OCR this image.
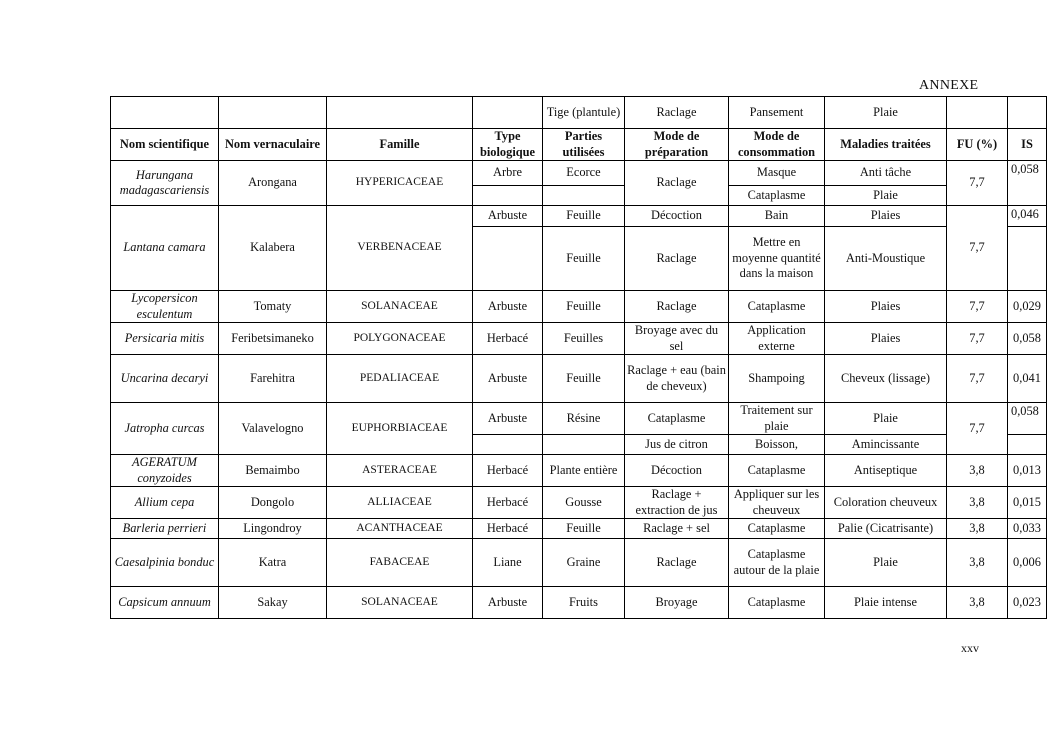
ANNEXE
				Tige (plantule)	Raclage	Pansement	Plaie		
Nom scientifique	Nom vernaculaire	Famille	Type biologique	Parties utilisées	Mode de préparation	Mode de consommation	Maladies traitées	FU (%)	IS
Harungana madagascariensis	Arongana	HYPERICACEAE	Arbre	Ecorce	Raclage	Masque	Anti tâche	7,7	0,058
						Cataplasme	Plaie		
Lantana camara	Kalabera	VERBENACEAE	Arbuste	Feuille	Décoction	Bain	Plaies	7,7	0,046
				Feuille	Raclage	Mettre en moyenne quantité dans la maison	Anti-Moustique		
Lycopersicon esculentum	Tomaty	SOLANACEAE	Arbuste	Feuille	Raclage	Cataplasme	Plaies	7,7	0,029
Persicaria mitis	Feribetsimaneko	POLYGONACEAE	Herbacé	Feuilles	Broyage avec du sel	Application externe	Plaies	7,7	0,058
Uncarina decaryi	Farehitra	PEDALIACEAE	Arbuste	Feuille	Raclage + eau (bain de cheveux)	Shampoing	Cheveux (lissage)	7,7	0,041
Jatropha curcas	Valavelogno	EUPHORBIACEAE	Arbuste	Résine	Cataplasme	Traitement sur plaie	Plaie	7,7	0,058
					Jus de citron	Boisson,	Amincissante		
AGERATUM conyzoides	Bemaimbo	ASTERACEAE	Herbacé	Plante entière	Décoction	Cataplasme	Antiseptique	3,8	0,013
Allium cepa	Dongolo	ALLIACEAE	Herbacé	Gousse	Raclage + extraction de jus	Appliquer sur les cheuveux	Coloration cheuveux	3,8	0,015
Barleria perrieri	Lingondroy	ACANTHACEAE	Herbacé	Feuille	Raclage + sel	Cataplasme	Palie (Cicatrisante)	3,8	0,033
Caesalpinia bonduc	Katra	FABACEAE	Liane	Graine	Raclage	Cataplasme autour de la plaie	Plaie	3,8	0,006
Capsicum annuum	Sakay	SOLANACEAE	Arbuste	Fruits	Broyage	Cataplasme	Plaie intense	3,8	0,023
xxv
